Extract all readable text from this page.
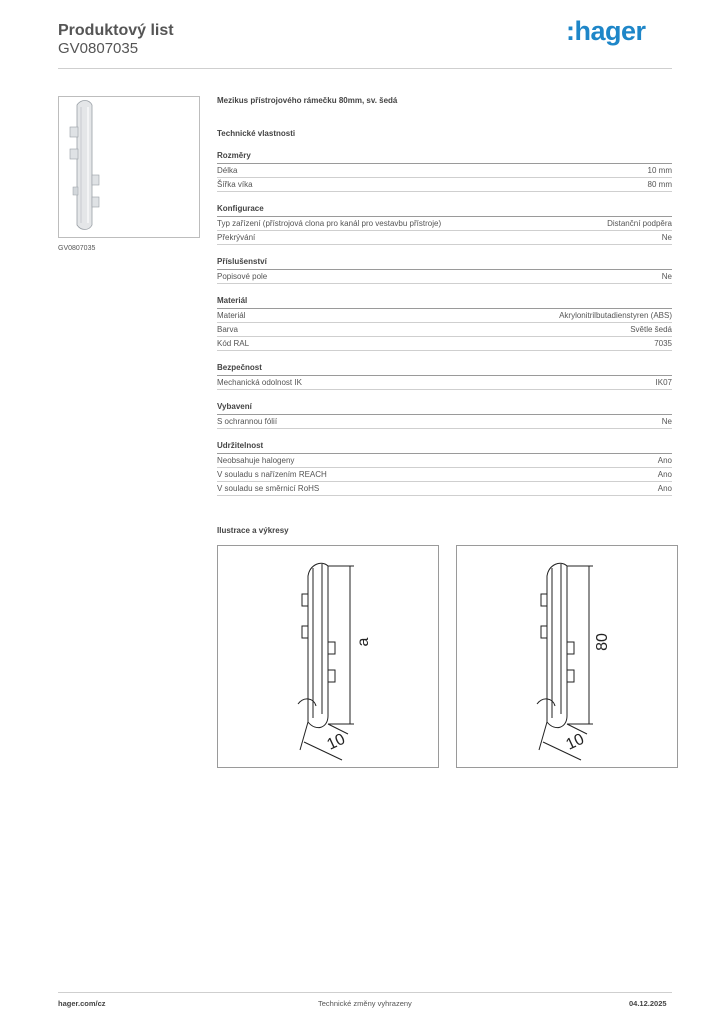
Produktový list
GV0807035
:hager
GV0807035
Mezikus přístrojového rámečku 80mm, sv. šedá
Technické vlastnosti
Rozměry
Délka	10 mm
Šířka víka	80 mm
Konfigurace
Typ zařízení (přístrojová clona pro kanál pro vestavbu přístroje)	Distanční podpěra
Překrývání	Ne
Příslušenství
Popisové pole	Ne
Materiál
Materiál	Akrylonitrilbutadienstyren (ABS)
Barva	Světle šedá
Kód RAL	7035
Bezpečnost
Mechanická odolnost IK	IK07
Vybavení
S ochrannou fólií	Ne
Udržitelnost
Neobsahuje halogeny	Ano
V souladu s nařízením REACH	Ano
V souladu se směrnicí RoHS	Ano
Ilustrace a výkresy
a
10
80
10
hager.com/cz	Technické změny vyhrazeny	04.12.2025
